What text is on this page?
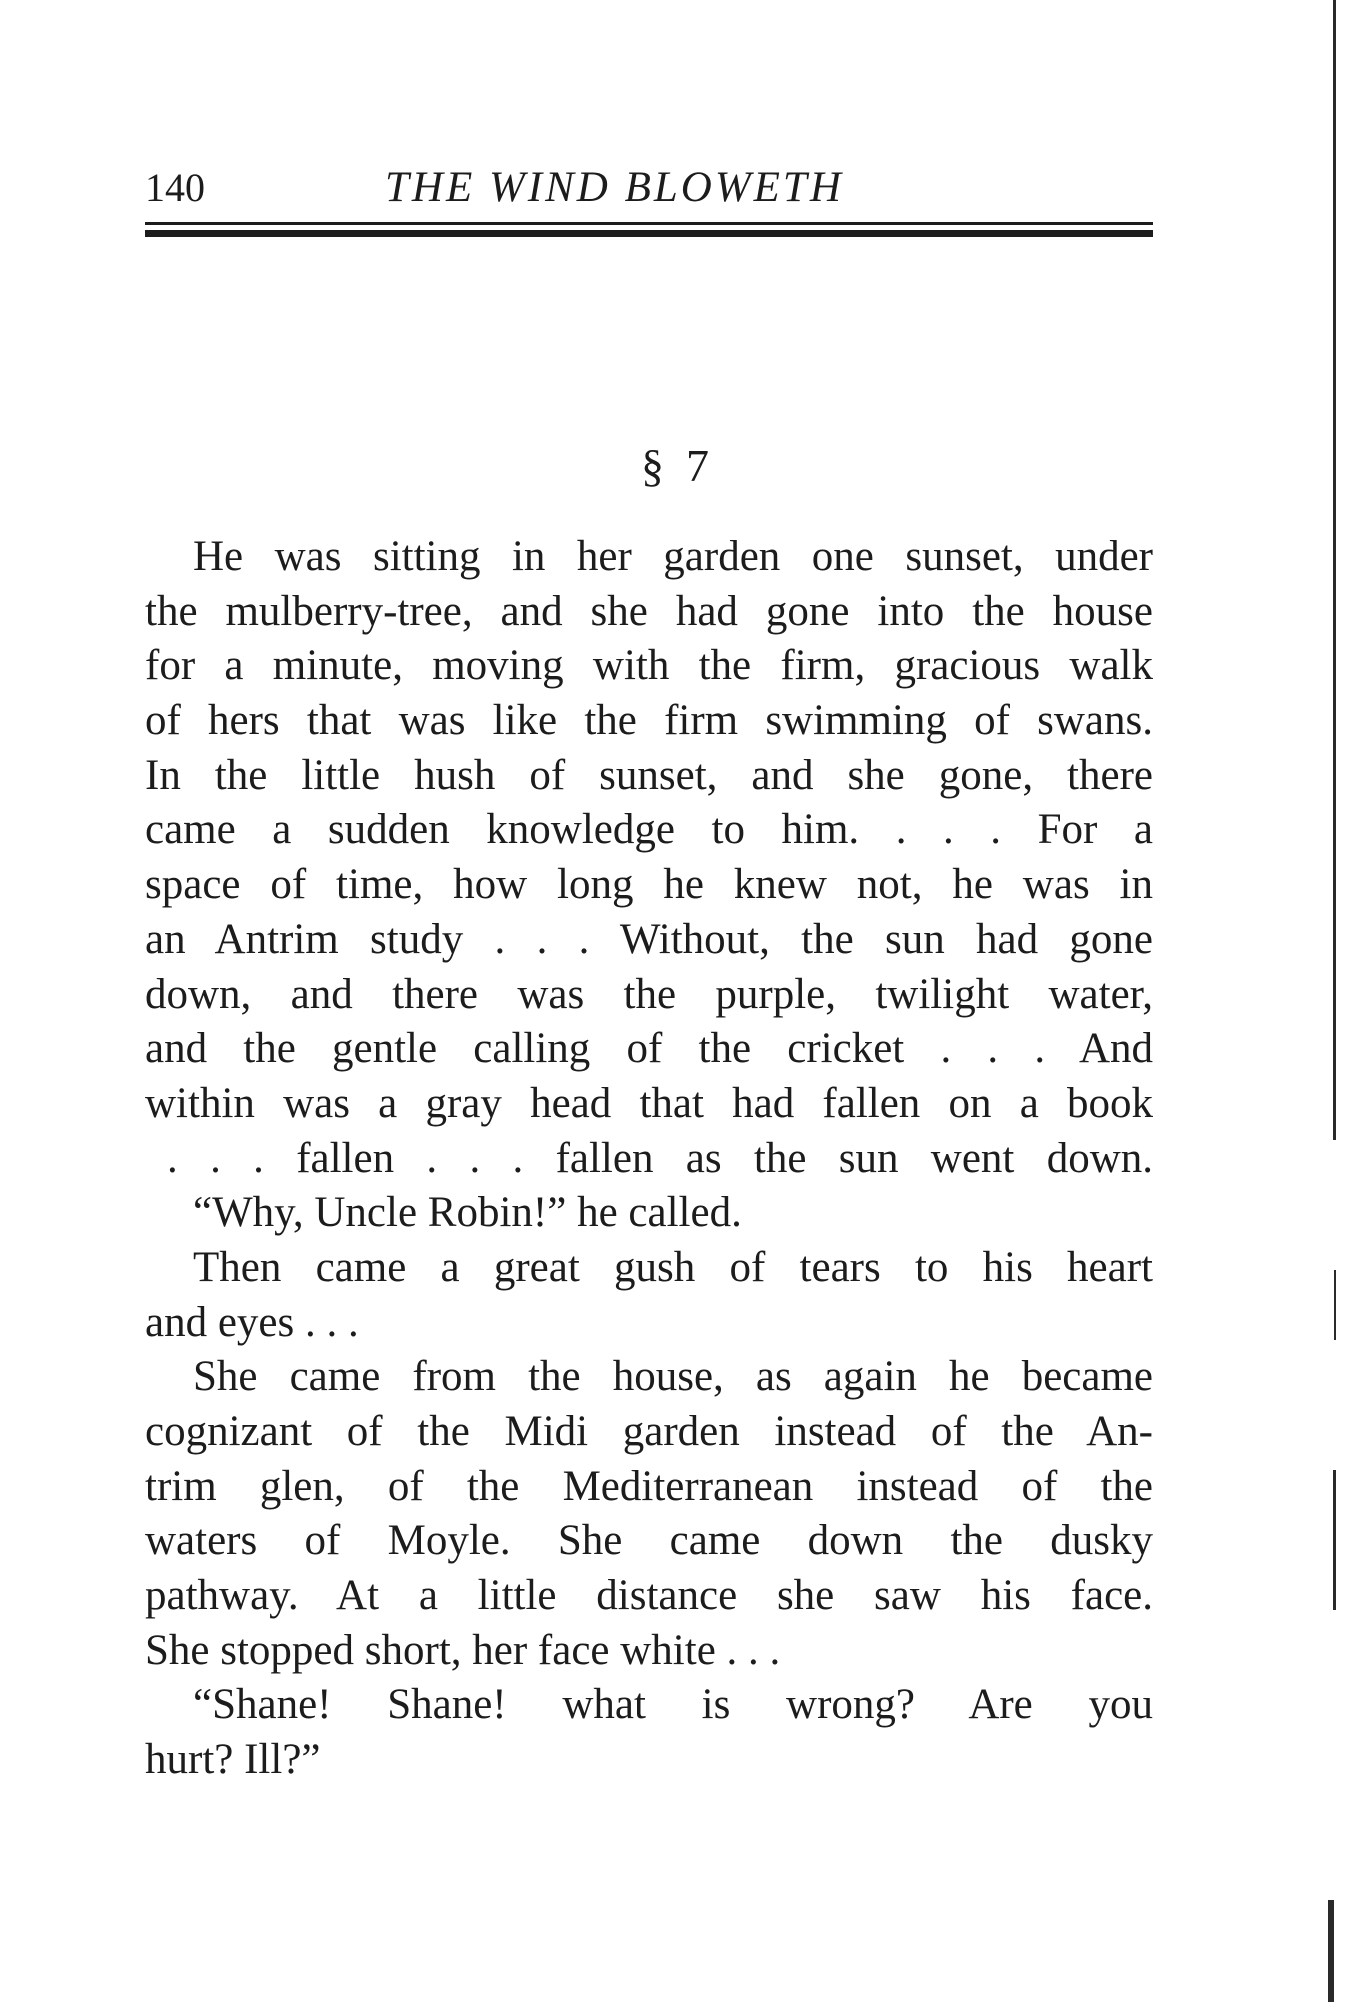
140	THE WIND BLOWETH
§ 7
He was sitting in her garden one sunset, under
the mulberry-tree, and she had gone into the house
for a minute, moving with the firm, gracious walk
of hers that was like the firm swimming of swans.
In the little hush of sunset, and she gone, there
came a sudden knowledge to him. . . . For a
space of time, how long he knew not, he was in
an Antrim study . . . Without, the sun had gone
down, and there was the purple, twilight water,
and the gentle calling of the cricket . . . And
within was a gray head that had fallen on a book
. . . fallen . . . fallen as the sun went down.
“Why, Uncle Robin!” he called.
Then came a great gush of tears to his heart
and eyes . . .
She came from the house, as again he became
cognizant of the Midi garden instead of the An-
trim glen, of the Mediterranean instead of the
waters of Moyle. She came down the dusky
pathway. At a little distance she saw his face.
She stopped short, her face white . . .
“Shane! Shane! what is wrong? Are you
hurt? Ill?”
